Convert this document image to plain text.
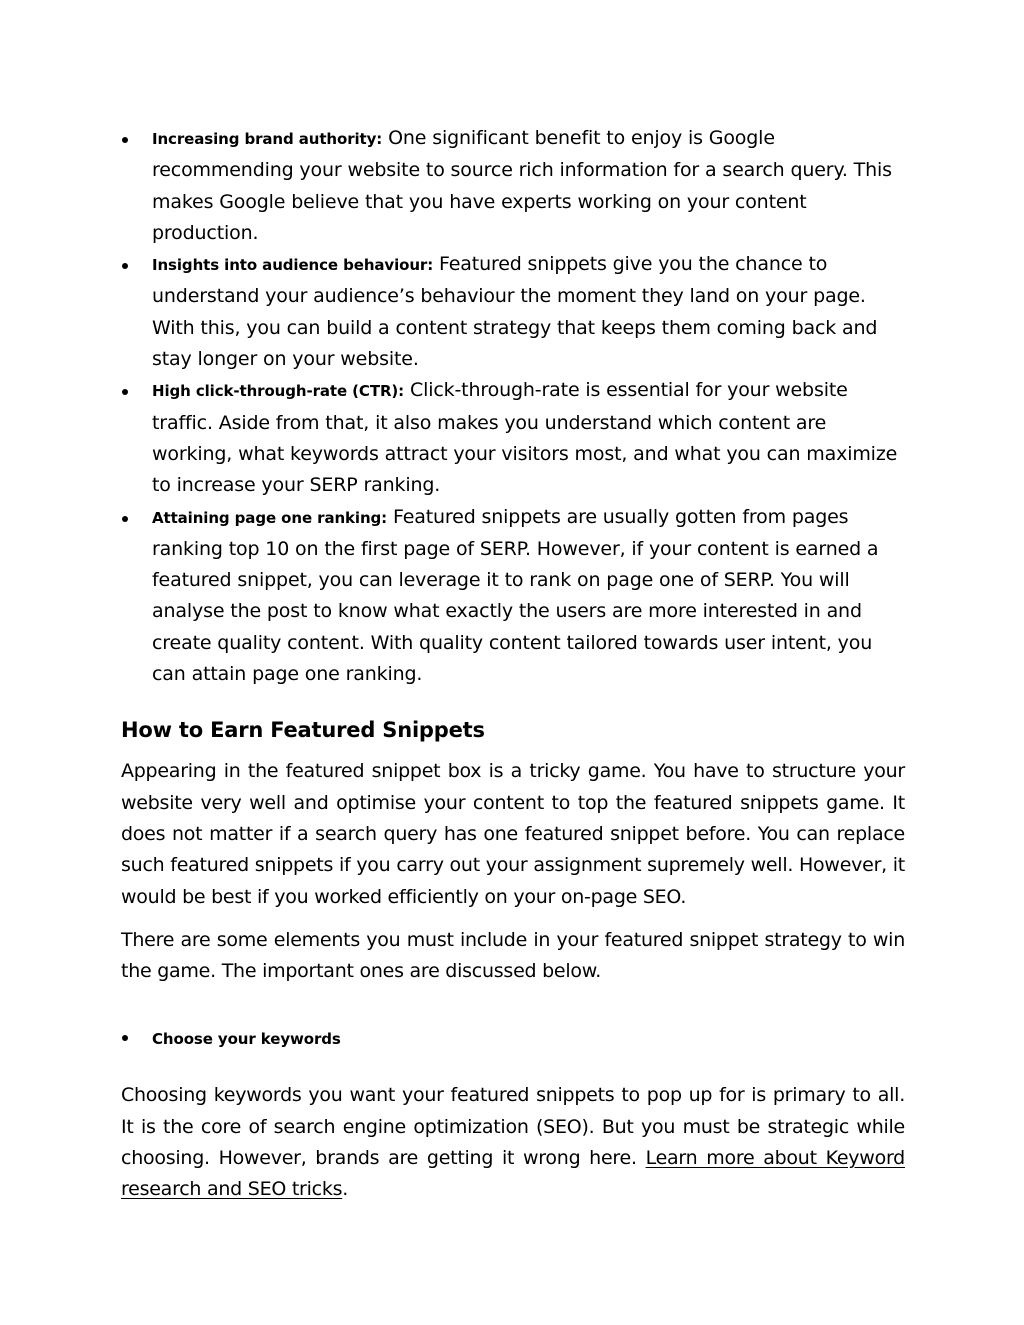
Increasing brand authority: One significant benefit to enjoy is Google recommending your website to source rich information for a search query. This makes Google believe that you have experts working on your content production.
Insights into audience behaviour: Featured snippets give you the chance to understand your audience’s behaviour the moment they land on your page. With this, you can build a content strategy that keeps them coming back and stay longer on your website.
High click-through-rate (CTR): Click-through-rate is essential for your website traffic. Aside from that, it also makes you understand which content are working, what keywords attract your visitors most, and what you can maximize to increase your SERP ranking.
Attaining page one ranking: Featured snippets are usually gotten from pages ranking top 10 on the first page of SERP. However, if your content is earned a featured snippet, you can leverage it to rank on page one of SERP. You will analyse the post to know what exactly the users are more interested in and create quality content. With quality content tailored towards user intent, you can attain page one ranking.
How to Earn Featured Snippets

Appearing in the featured snippet box is a tricky game. You have to structure your website very well and optimise your content to top the featured snippets game. It does not matter if a search query has one featured snippet before. You can replace such featured snippets if you carry out your assignment supremely well. However, it would be best if you worked efficiently on your on-page SEO.

There are some elements you must include in your featured snippet strategy to win the game. The important ones are discussed below.

Choose your keywords

Choosing keywords you want your featured snippets to pop up for is primary to all. It is the core of search engine optimization (SEO). But you must be strategic while choosing. However, brands are getting it wrong here. Learn more about Keyword research and SEO tricks.
